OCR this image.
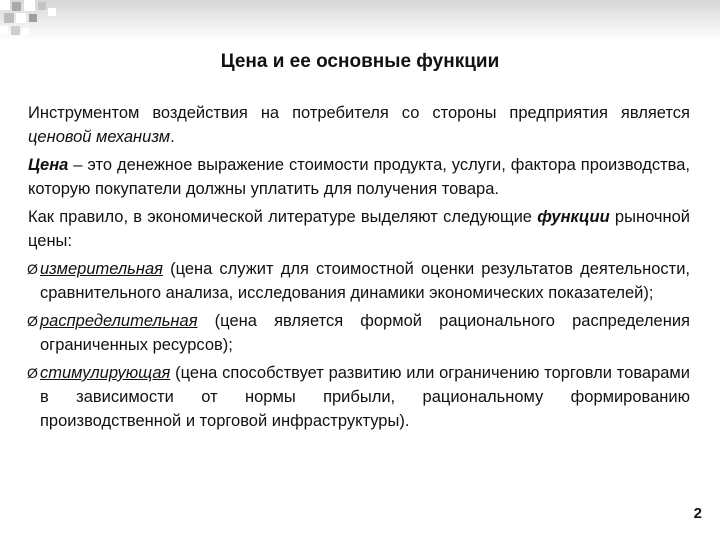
Цена и ее основные функции

Инструментом воздействия на потребителя со стороны предприятия является ценовой механизм.

Цена – это денежное выражение стоимости продукта, услуги, фактора производства, которую покупатели должны уплатить для получения товара.

Как правило, в экономической литературе выделяют следующие функции рыночной цены:

Ø измерительная (цена служит для стоимостной оценки результатов деятельности, сравнительного анализа, исследования динамики экономических показателей);

Ø распределительная (цена является формой рационального распределения ограниченных ресурсов);

Ø стимулирующая (цена способствует развитию или ограничению торговли товарами в зависимости от нормы прибыли, рациональному формированию производственной и торговой инфраструктуры).

2
